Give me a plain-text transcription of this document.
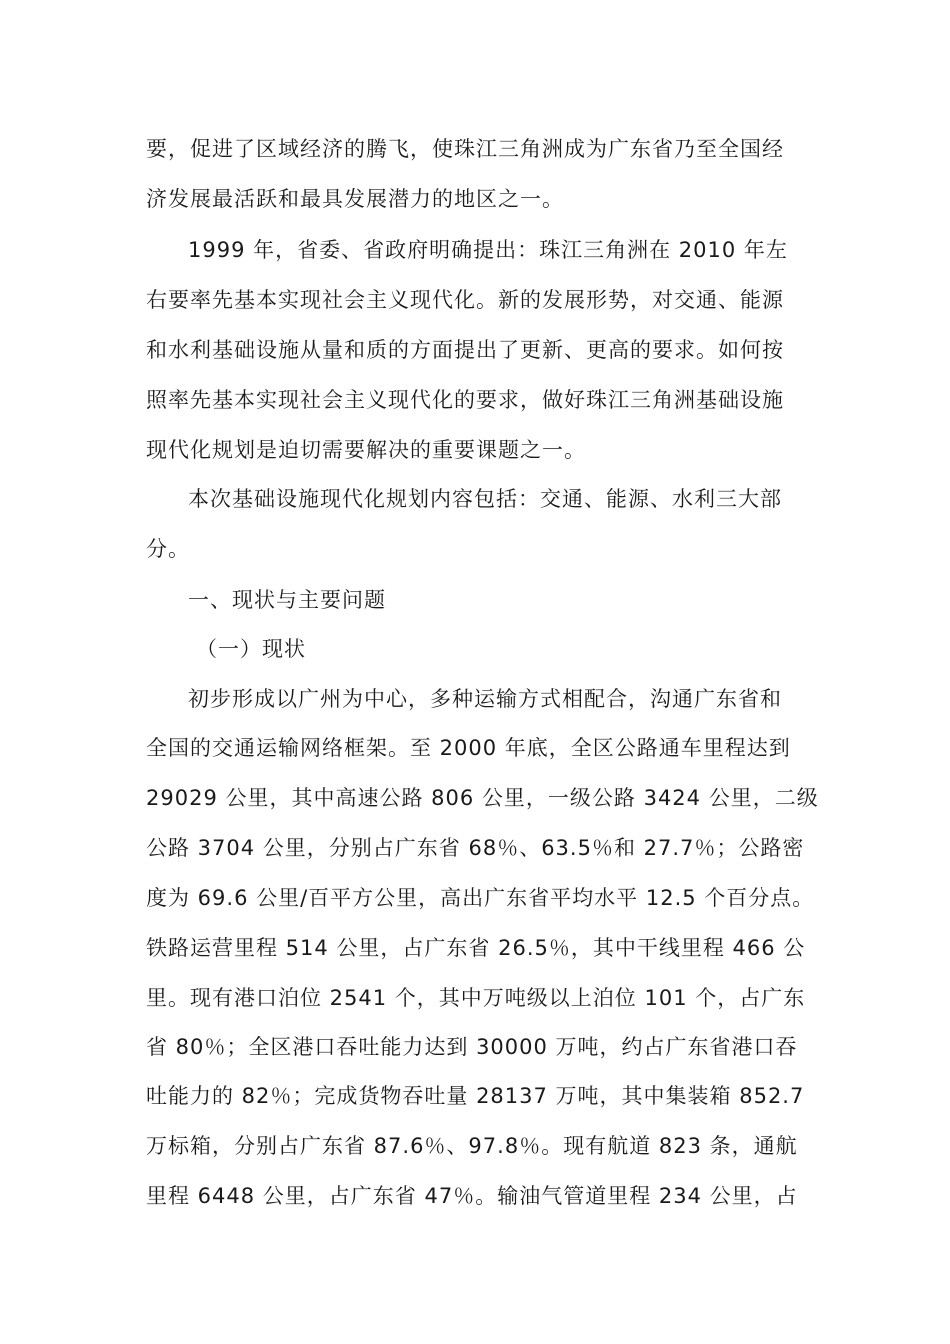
要，促进了区域经济的腾飞，使珠江三角洲成为广东省乃至全国经
济发展最活跃和最具发展潜力的地区之一。
1999 年，省委、省政府明确提出：珠江三角洲在 2010 年左
右要率先基本实现社会主义现代化。新的发展形势，对交通、能源
和水利基础设施从量和质的方面提出了更新、更高的要求。如何按
照率先基本实现社会主义现代化的要求，做好珠江三角洲基础设施
现代化规划是迫切需要解决的重要课题之一。
本次基础设施现代化规划内容包括：交通、能源、水利三大部
分。
一、现状与主要问题
（一）现状
初步形成以广州为中心，多种运输方式相配合，沟通广东省和
全国的交通运输网络框架。至 2000 年底，全区公路通车里程达到
29029 公里，其中高速公路 806 公里，一级公路 3424 公里，二级
公路 3704 公里，分别占广东省 68％、63.5％和 27.7％；公路密
度为 69.6 公里/百平方公里，高出广东省平均水平 12.5 个百分点。
铁路运营里程 514 公里，占广东省 26.5％，其中干线里程 466 公
里。现有港口泊位 2541 个，其中万吨级以上泊位 101 个，占广东
省 80％；全区港口吞吐能力达到 30000 万吨，约占广东省港口吞
吐能力的 82％；完成货物吞吐量 28137 万吨，其中集装箱 852.7
万标箱，分别占广东省 87.6％、97.8％。现有航道 823 条，通航
里程 6448 公里，占广东省 47％。输油气管道里程 234 公里，占
